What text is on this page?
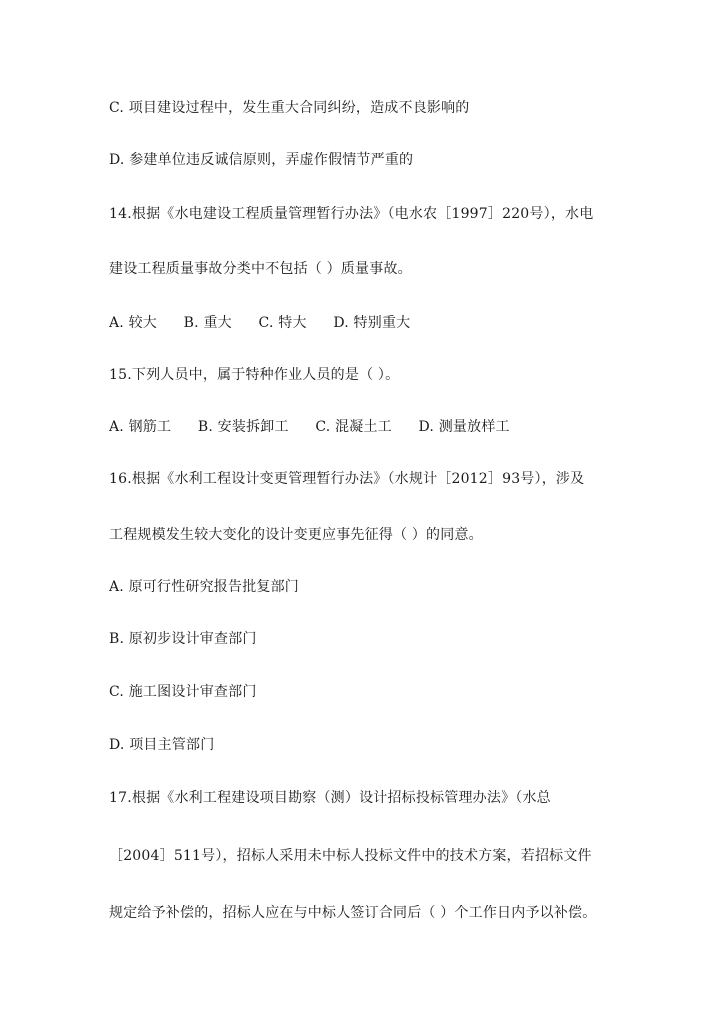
C. 项目建设过程中，发生重大合同纠纷，造成不良影响的
D. 参建单位违反诚信原则，弄虚作假情节严重的
14.根据《水电建设工程质量管理暂行办法》（电水农［1997］220号），水电
建设工程质量事故分类中不包括（ ）质量事故。
A. 较大 B. 重大 C. 特大 D. 特别重大
15.下列人员中，属于特种作业人员的是（ ）。
A. 钢筋工 B. 安装拆卸工 C. 混凝土工 D. 测量放样工
16.根据《水利工程设计变更管理暂行办法》（水规计［2012］93号），涉及
工程规模发生较大变化的设计变更应事先征得（ ）的同意。
A. 原可行性研究报告批复部门
B. 原初步设计审查部门
C. 施工图设计审查部门
D. 项目主管部门
17.根据《水利工程建设项目勘察（测）设计招标投标管理办法》（水总
［2004］511号），招标人采用未中标人投标文件中的技术方案，若招标文件
规定给予补偿的，招标人应在与中标人签订合同后（ ）个工作日内予以补偿。
